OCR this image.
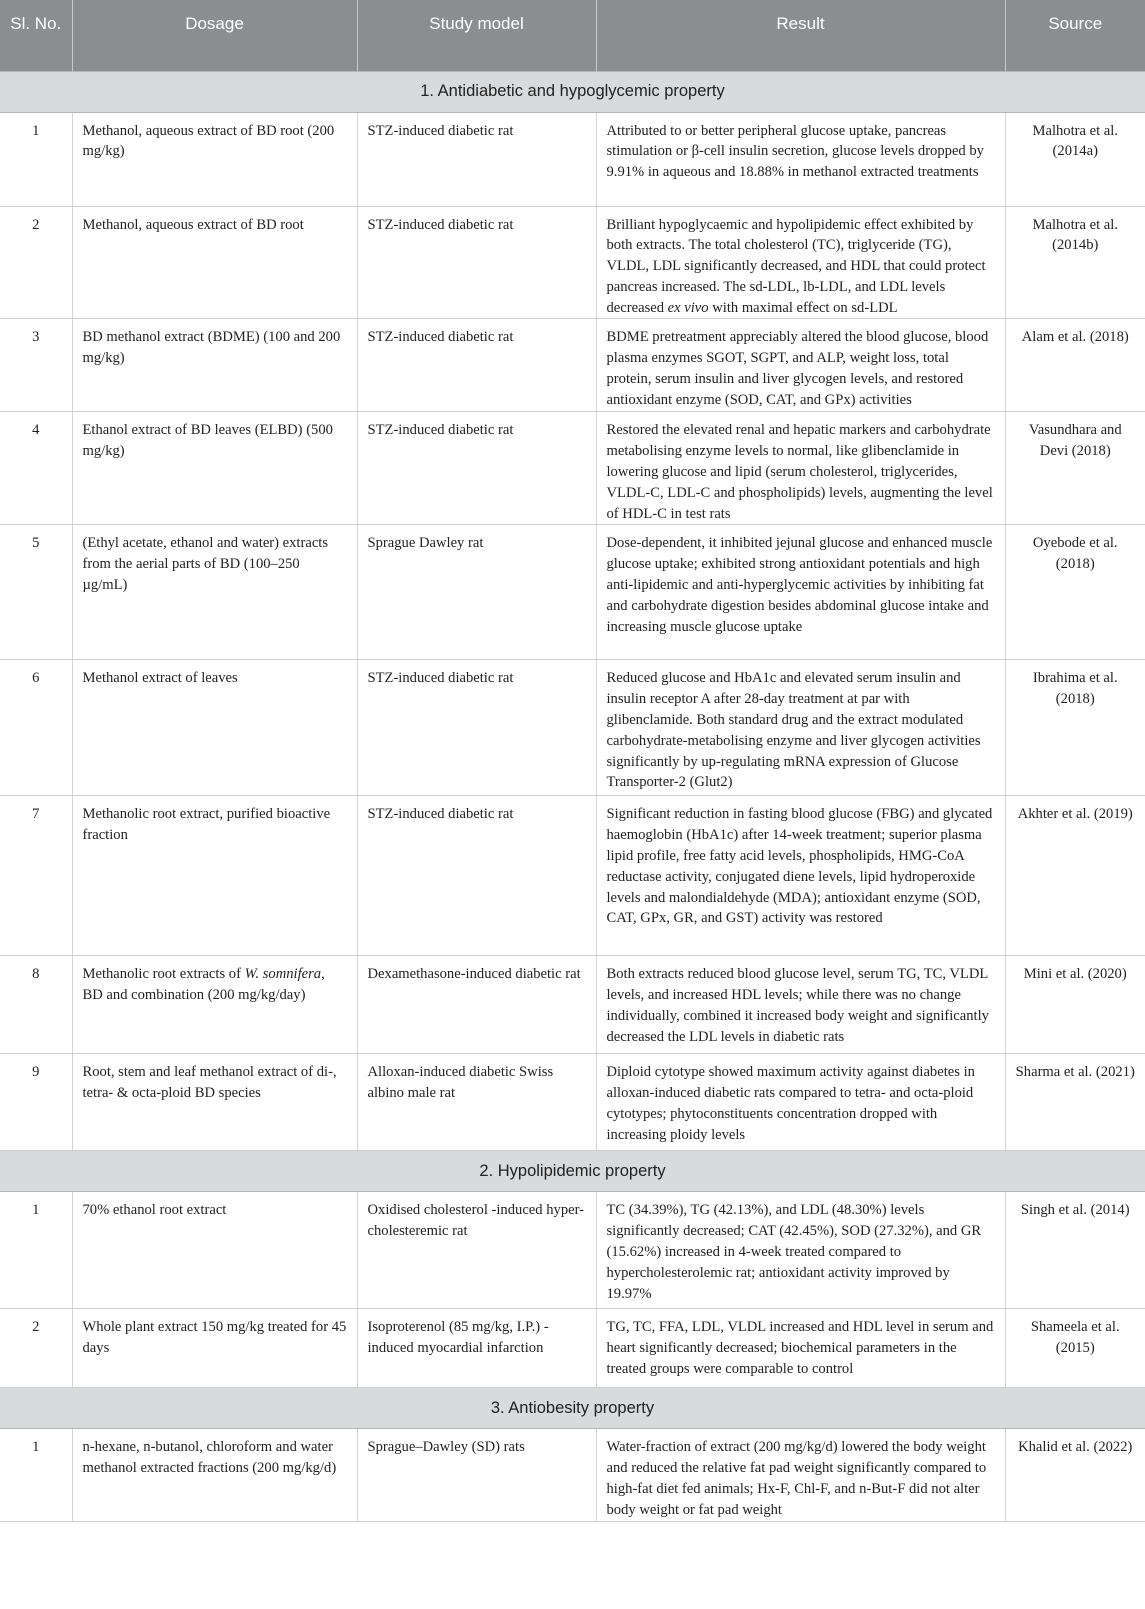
Sl. No.	Dosage	Study model	Result	Source
1. Antidiabetic and hypoglycemic property				
1	Methanol, aqueous extract of BD root (200 mg/kg)	STZ-induced diabetic rat	Attributed to or better peripheral glucose uptake, pancreas stimulation or β-cell insulin secretion, glucose levels dropped by 9.91% in aqueous and 18.88% in methanol extracted treatments	Malhotra et al. (2014a)
2	Methanol, aqueous extract of BD root	STZ-induced diabetic rat	Brilliant hypoglycaemic and hypolipidemic effect exhibited by both extracts. The total cholesterol (TC), triglyceride (TG), VLDL, LDL significantly decreased, and HDL that could protect pancreas increased. The sd-LDL, lb-LDL, and LDL levels decreased ex vivo with maximal effect on sd-LDL	Malhotra et al. (2014b)
3	BD methanol extract (BDME) (100 and 200 mg/kg)	STZ-induced diabetic rat	BDME pretreatment appreciably altered the blood glucose, blood plasma enzymes SGOT, SGPT, and ALP, weight loss, total protein, serum insulin and liver glycogen levels, and restored antioxidant enzyme (SOD, CAT, and GPx) activities	Alam et al. (2018)
4	Ethanol extract of BD leaves (ELBD) (500 mg/kg)	STZ-induced diabetic rat	Restored the elevated renal and hepatic markers and carbohydrate metabolising enzyme levels to normal, like glibenclamide in lowering glucose and lipid (serum cholesterol, triglycerides, VLDL-C, LDL-C and phospholipids) levels, augmenting the level of HDL-C in test rats	Vasundhara and Devi (2018)
5	(Ethyl acetate, ethanol and water) extracts from the aerial parts of BD (100–250 µg/mL)	Sprague Dawley rat	Dose-dependent, it inhibited jejunal glucose and enhanced muscle glucose uptake; exhibited strong antioxidant potentials and high anti-lipidemic and anti-hyperglycemic activities by inhibiting fat and carbohydrate digestion besides abdominal glucose intake and increasing muscle glucose uptake	Oyebode et al. (2018)
6	Methanol extract of leaves	STZ-induced diabetic rat	Reduced glucose and HbA1c and elevated serum insulin and insulin receptor A after 28-day treatment at par with glibenclamide. Both standard drug and the extract modulated carbohydrate-metabolising enzyme and liver glycogen activities significantly by up-regulating mRNA expression of Glucose Transporter-2 (Glut2)	Ibrahima et al. (2018)
7	Methanolic root extract, purified bioactive fraction	STZ-induced diabetic rat	Significant reduction in fasting blood glucose (FBG) and glycated haemoglobin (HbA1c) after 14-week treatment; superior plasma lipid profile, free fatty acid levels, phospholipids, HMG-CoA reductase activity, conjugated diene levels, lipid hydroperoxide levels and malondialdehyde (MDA); antioxidant enzyme (SOD, CAT, GPx, GR, and GST) activity was restored	Akhter et al. (2019)
8	Methanolic root extracts of W. somnifera, BD and combination (200 mg/kg/day)	Dexamethasone-induced diabetic rat	Both extracts reduced blood glucose level, serum TG, TC, VLDL levels, and increased HDL levels; while there was no change individually, combined it increased body weight and significantly decreased the LDL levels in diabetic rats	Mini et al. (2020)
9	Root, stem and leaf methanol extract of di-, tetra- & octa-ploid BD species	Alloxan-induced diabetic Swiss albino male rat	Diploid cytotype showed maximum activity against diabetes in alloxan-induced diabetic rats compared to tetra- and octa-ploid cytotypes; phytoconstituents concentration dropped with increasing ploidy levels	Sharma et al. (2021)
2. Hypolipidemic property				
1	70% ethanol root extract	Oxidised cholesterol -induced hyper-cholesteremic rat	TC (34.39%), TG (42.13%), and LDL (48.30%) levels significantly decreased; CAT (42.45%), SOD (27.32%), and GR (15.62%) increased in 4-week treated compared to hypercholesterolemic rat; antioxidant activity improved by 19.97%	Singh et al. (2014)
2	Whole plant extract 150 mg/kg treated for 45 days	Isoproterenol (85 mg/kg, I.P.) -induced myocardial infarction	TG, TC, FFA, LDL, VLDL increased and HDL level in serum and heart significantly decreased; biochemical parameters in the treated groups were comparable to control	Shameela et al. (2015)
3. Antiobesity property				
1	n-hexane, n-butanol, chloroform and water methanol extracted fractions (200 mg/kg/d)	Sprague–Dawley (SD) rats	Water-fraction of extract (200 mg/kg/d) lowered the body weight and reduced the relative fat pad weight significantly compared to high-fat diet fed animals; Hx-F, Chl-F, and n-But-F did not alter body weight or fat pad weight	Khalid et al. (2022)
